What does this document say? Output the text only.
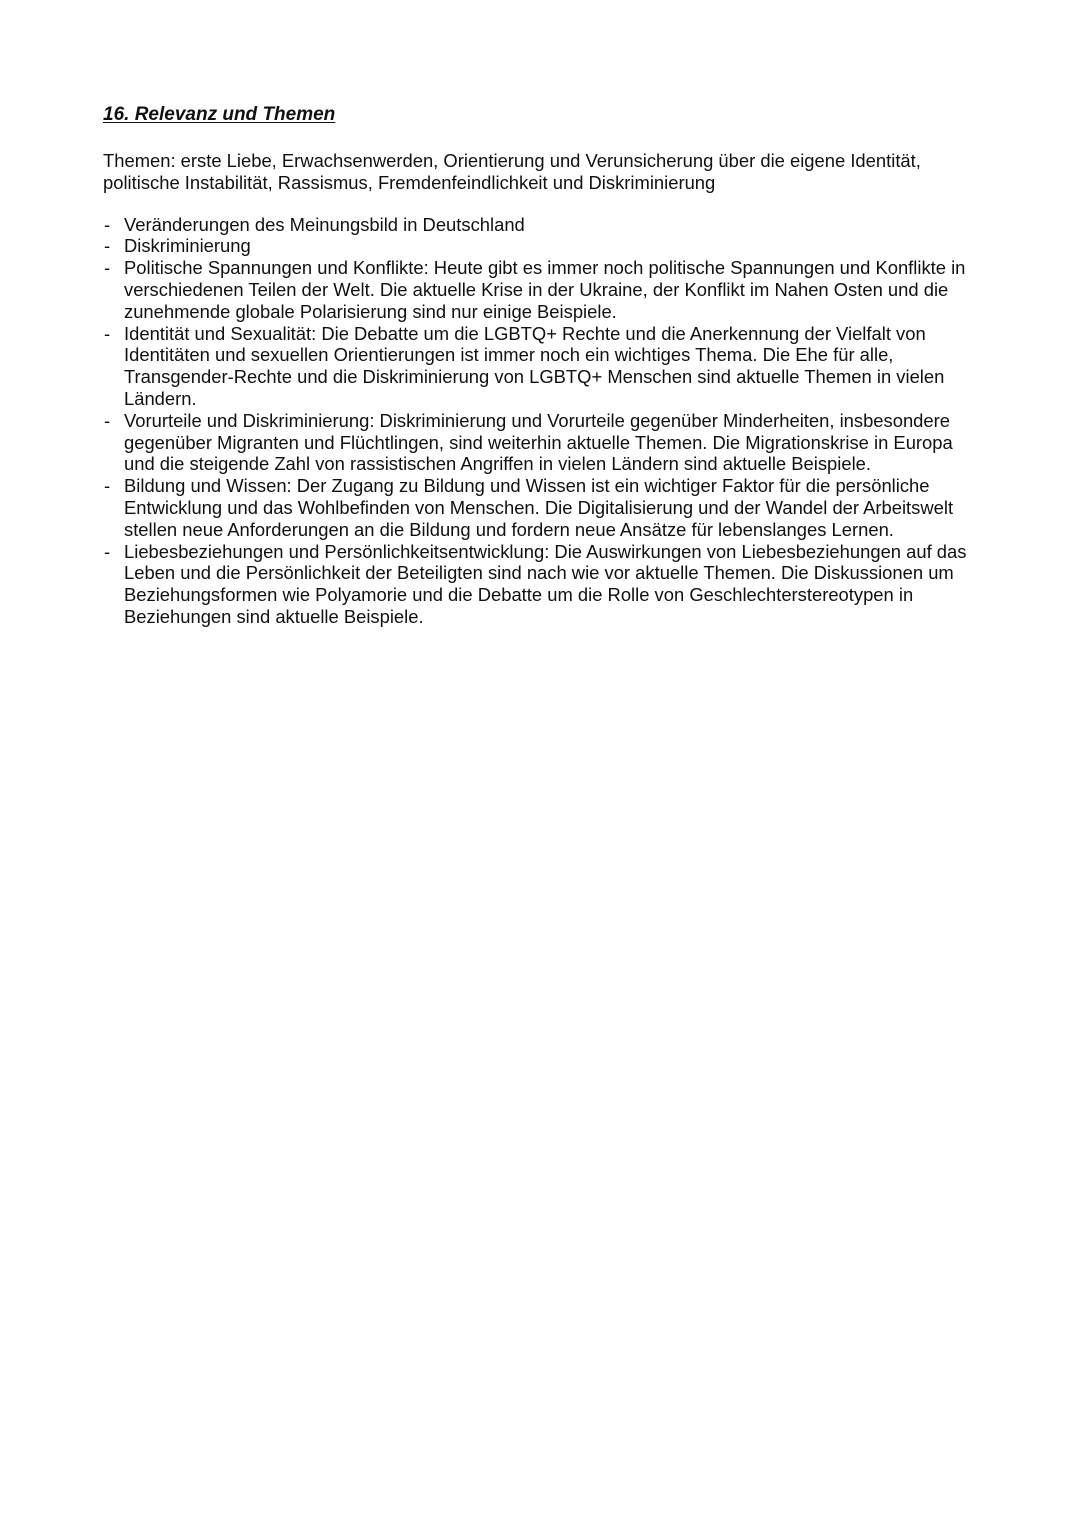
16. Relevanz und Themen

Themen: erste Liebe, Erwachsenwerden, Orientierung und Verunsicherung über die eigene Identität, politische Instabilität, Rassismus, Fremdenfeindlichkeit und Diskriminierung

- Veränderungen des Meinungsbild in Deutschland
- Diskriminierung
- Politische Spannungen und Konflikte: Heute gibt es immer noch politische Spannungen und Konflikte in verschiedenen Teilen der Welt. Die aktuelle Krise in der Ukraine, der Konflikt im Nahen Osten und die zunehmende globale Polarisierung sind nur einige Beispiele.
- Identität und Sexualität: Die Debatte um die LGBTQ+ Rechte und die Anerkennung der Vielfalt von Identitäten und sexuellen Orientierungen ist immer noch ein wichtiges Thema. Die Ehe für alle, Transgender-Rechte und die Diskriminierung von LGBTQ+ Menschen sind aktuelle Themen in vielen Ländern.
- Vorurteile und Diskriminierung: Diskriminierung und Vorurteile gegenüber Minderheiten, insbesondere gegenüber Migranten und Flüchtlingen, sind weiterhin aktuelle Themen. Die Migrationskrise in Europa und die steigende Zahl von rassistischen Angriffen in vielen Ländern sind aktuelle Beispiele.
- Bildung und Wissen: Der Zugang zu Bildung und Wissen ist ein wichtiger Faktor für die persönliche Entwicklung und das Wohlbefinden von Menschen. Die Digitalisierung und der Wandel der Arbeitswelt stellen neue Anforderungen an die Bildung und fordern neue Ansätze für lebenslanges Lernen.
- Liebesbeziehungen und Persönlichkeitsentwicklung: Die Auswirkungen von Liebesbeziehungen auf das Leben und die Persönlichkeit der Beteiligten sind nach wie vor aktuelle Themen. Die Diskussionen um Beziehungsformen wie Polyamorie und die Debatte um die Rolle von Geschlechterstereotypen in Beziehungen sind aktuelle Beispiele.
